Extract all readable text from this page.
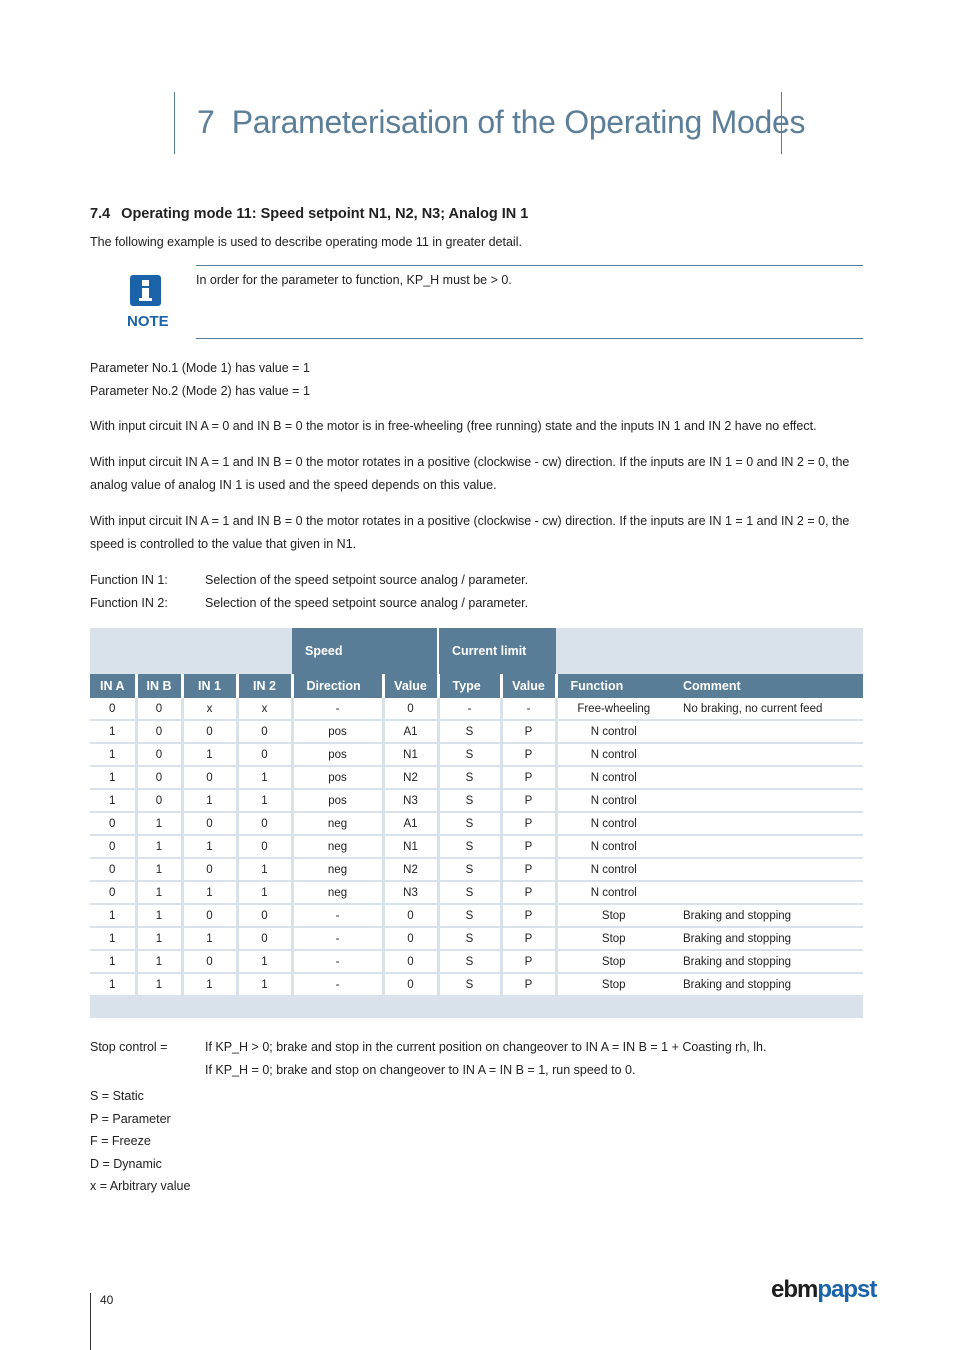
7 Parameterisation of the Operating Modes
7.4 Operating mode 11: Speed setpoint N1, N2, N3; Analog IN 1
The following example is used to describe operating mode 11 in greater detail.
NOTE
In order for the parameter to function, KP_H must be > 0.
Parameter No.1 (Mode 1) has value = 1
Parameter No.2 (Mode 2) has value = 1
With input circuit IN A = 0 and IN B = 0 the motor is in free-wheeling (free running) state and the inputs IN 1 and IN 2 have no effect.
With input circuit IN A = 1 and IN B = 0 the motor rotates in a positive (clockwise - cw) direction. If the inputs are IN 1 = 0 and IN 2 = 0, the analog value of analog IN 1 is used and the speed depends on this value.
With input circuit IN A = 1 and IN B = 0 the motor rotates in a positive (clockwise - cw) direction. If the inputs are IN 1 = 1 and IN 2 = 0, the speed is controlled to the value that given in N1.
Function IN 1:	Selection of the speed setpoint source analog / parameter.
Function IN 2:	Selection of the speed setpoint source analog / parameter.
				Speed		Current limit			
IN A	IN B	IN 1	IN 2	Direction	Value	Type	Value	Function	Comment
0	0	x	x	-	0	-	-	Free-wheeling	No braking, no current feed
1	0	0	0	pos	A1	S	P	N control	
1	0	1	0	pos	N1	S	P	N control	
1	0	0	1	pos	N2	S	P	N control	
1	0	1	1	pos	N3	S	P	N control	
0	1	0	0	neg	A1	S	P	N control	
0	1	1	0	neg	N1	S	P	N control	
0	1	0	1	neg	N2	S	P	N control	
0	1	1	1	neg	N3	S	P	N control	
1	1	0	0	-	0	S	P	Stop	Braking and stopping
1	1	1	0	-	0	S	P	Stop	Braking and stopping
1	1	0	1	-	0	S	P	Stop	Braking and stopping
1	1	1	1	-	0	S	P	Stop	Braking and stopping

Stop control =	If KP_H > 0; brake and stop in the current position on changeover to IN A = IN B = 1 + Coasting rh, lh.
If KP_H = 0; brake and stop on changeover to IN A = IN B = 1, run speed to 0.
S = Static
P = Parameter
F = Freeze
D = Dynamic
x = Arbitrary value
40	ebmpapst
